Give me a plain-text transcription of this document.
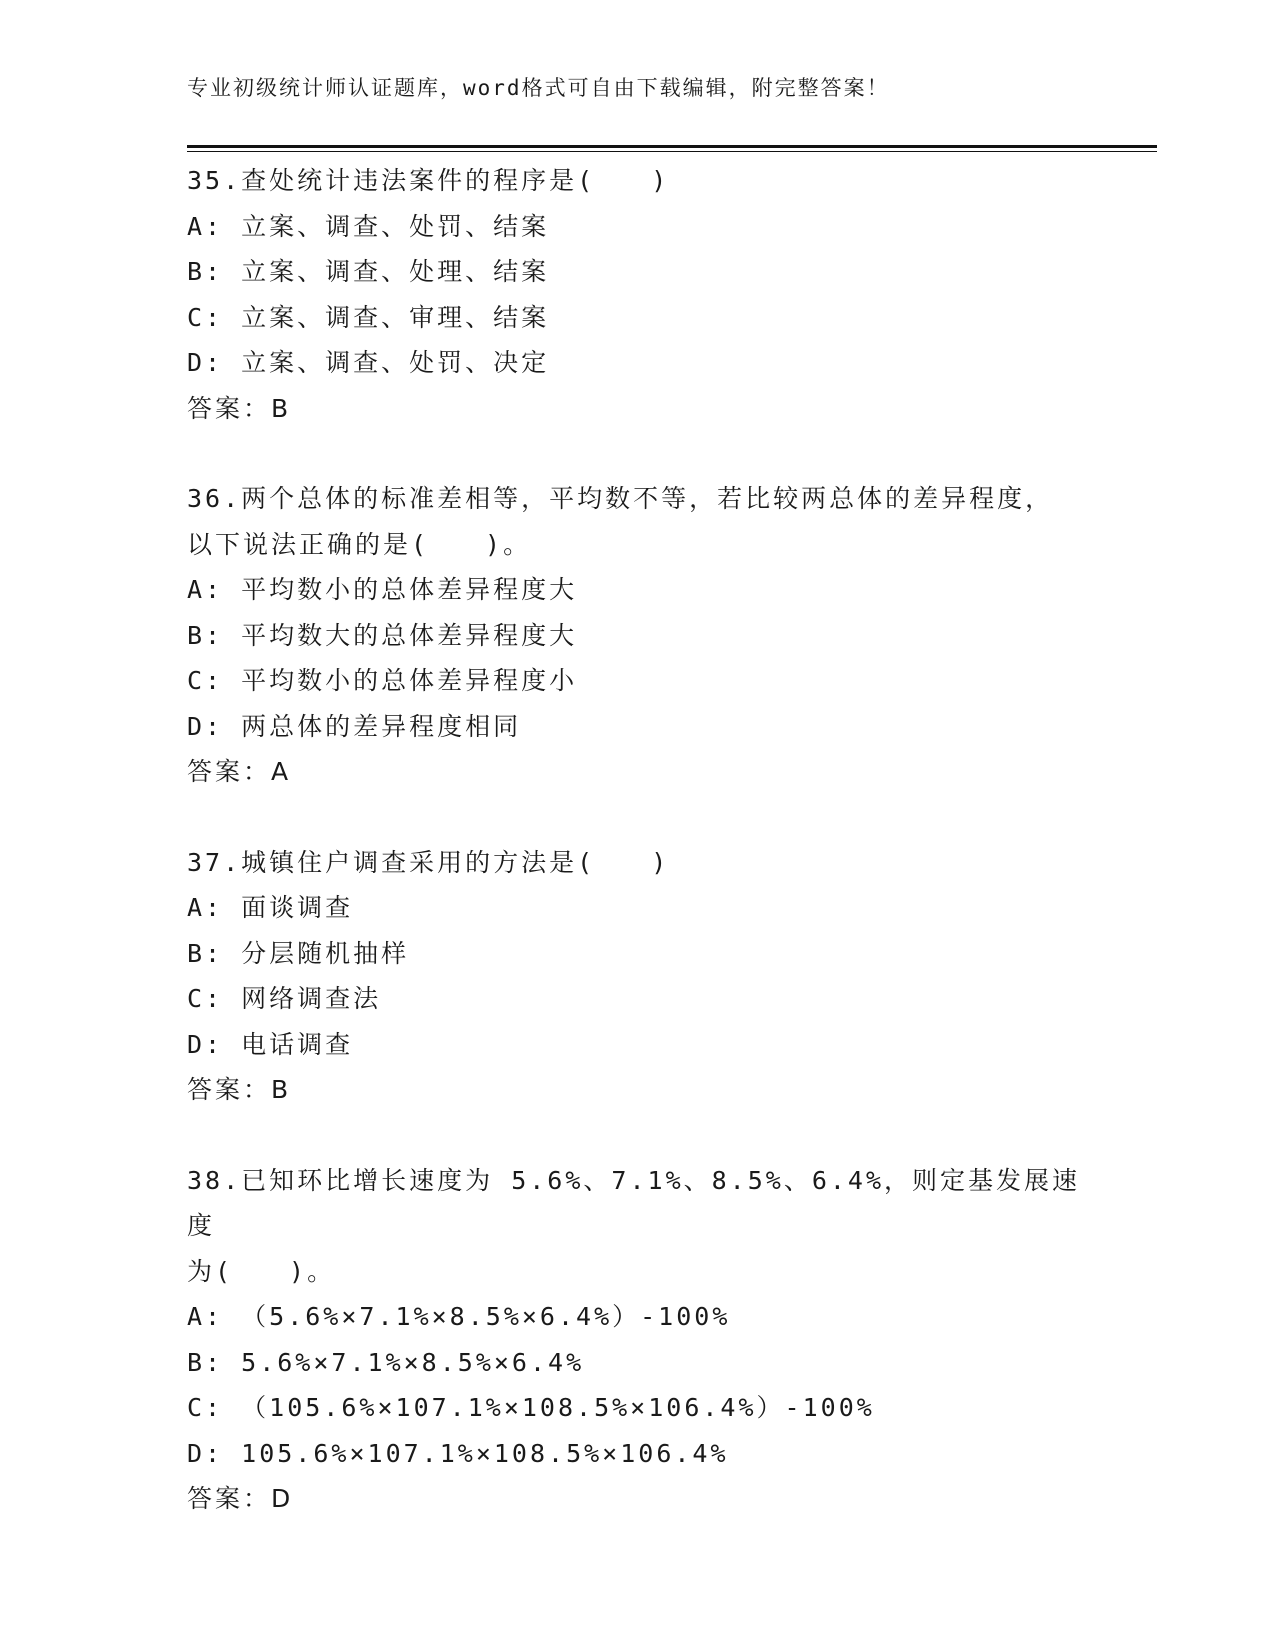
专业初级统计师认证题库，word格式可自由下载编辑，附完整答案！
35.查处统计违法案件的程序是(　　)
A: 立案、调查、处罚、结案
B: 立案、调查、处理、结案
C: 立案、调查、审理、结案
D: 立案、调查、处罚、决定
答案：B
36.两个总体的标准差相等，平均数不等，若比较两总体的差异程度，
以下说法正确的是(　　)。
A: 平均数小的总体差异程度大
B: 平均数大的总体差异程度大
C: 平均数小的总体差异程度小
D: 两总体的差异程度相同
答案：A
37.城镇住户调查采用的方法是(　　)
A: 面谈调查
B: 分层随机抽样
C: 网络调查法
D: 电话调查
答案：B
38.已知环比增长速度为 5.6%、7.1%、8.5%、6.4%，则定基发展速度
为(　　)。
A: （5.6%×7.1%×8.5%×6.4%）-100%
B: 5.6%×7.1%×8.5%×6.4%
C: （105.6%×107.1%×108.5%×106.4%）-100%
D: 105.6%×107.1%×108.5%×106.4%
答案：D
